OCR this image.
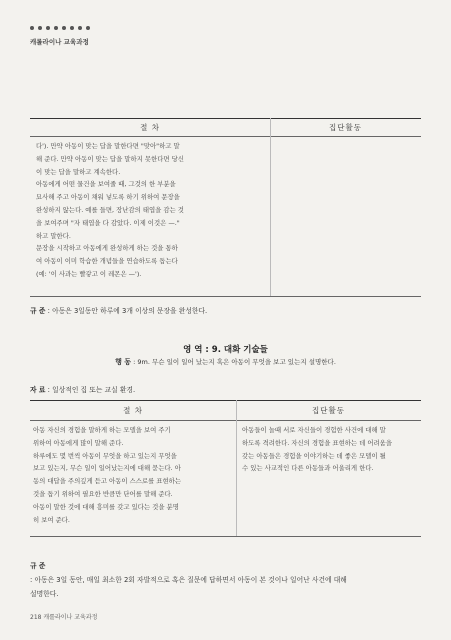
캐롤라이나 교육과정
절 차	집단활동
다'). 만약 아동이 맞는 답을 말한다면 "맞아"하고 말
해 준다. 만약 아동이 맞는 답을 말하지 못한다면 당신
이 맞는 답을 말하고 계속한다.
아동에게 어떤 물건을 보여줄 때, 그것의 한 부분을
묘사해 주고 아동이 채워 넣도록 하기 위하여 문장을
완성하지 않는다. 예를 들면, 장난감의 태엽을 감는 것
을 보여주며 "자 태엽을 다 감았다. 이제 이것은 —."
하고 말한다.
문장을 시작하고 아동에게 완성하게 하는 것을 통하
여 아동이 이미 학습한 개념들을 연습하도록 돕는다
(예: '이 사과는 빨갛고 이 레몬은 —').
규 준 : 아동은 3일동안 하루에 3개 이상의 문장을 완성한다.
영 역 : 9. 대화 기술들
행 동 : 9m. 무슨 일이 일어 났는지 혹은 아동이 무엇을 보고 있는지 설명한다.
자 료 : 일상적인 집 또는 교실 환경.
절 차	집단활동
아동 자신의 경험을 말하게 하는 모델을 보여 주기
위하여 아동에게 많이 말해 준다.
하루에도 몇 번씩 아동이 무엇을 하고 있는지 무엇을
보고 있는지, 무슨 일이 일어났는지에 대해 묻는다. 아
동의 대답을 주의깊게 듣고 아동이 스스로를 표현하는
것을 돕기 위하여 필요한 반큼만 단어를 말해 준다.
아동이 말한 것에 대해 흥미를 갖고 있다는 것을 분명
히 보여 준다.
아동들이 놀때 서로 자신들이 경험한 사건에 대해 말
하도록 격려한다. 자신의 경험을 표현하는 데 어려움을
갖는 아동들은 경험을 이야기하는 데 좋은 모델이 될
수 있는 사교적인 다른 아동들과 어울리게 한다.

규 준
: 아동은 3일 동안, 매일 최소한 2회 자발적으로 혹은 질문에 답하면서 아동이 본 것이나 일어난 사건에 대해
설명한다.

218 캐롤라이나 교육과정
